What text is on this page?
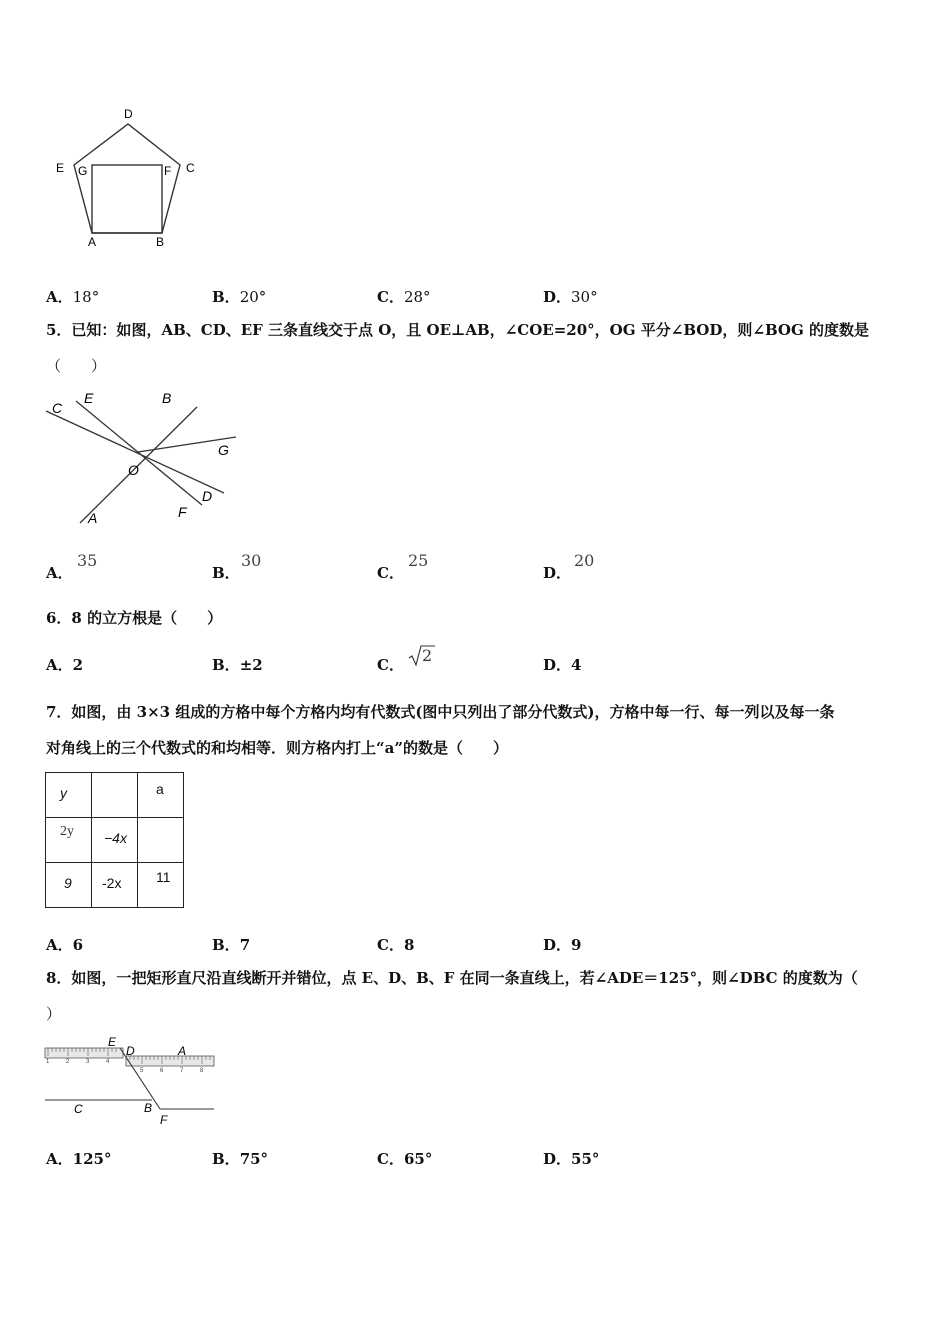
D
E G	F C
A	B
A．18°	B．20°	C．28°	D．30°
5．已知：如图，AB、CD、EF 三条直线交于点 O，且 OE⊥AB，∠COE=20°，OG 平分∠BOD，则∠BOG 的度数是
（　　）
C
E	B
G
O
D
F
A
A．
35
B．
30
C．
25
D．
20
6．8 的立方根是（　　）
A．2	B．±2	C． 2	D．4
7．如图，由 3×3 组成的方格中每个方格内均有代数式(图中只列出了部分代数式)，方格中每一行、每一列以及每一条
对角线上的三个代数式的和均相等．则方格内打上“a”的数是（　　）
y		a

2y	−4x	

9	-2x	11
A．6	B．7	C．8	D．9
8．如图，一把矩形直尺沿直线断开并错位，点 E、D、B、F 在同一条直线上，若∠ADE＝125°，则∠DBC 的度数为（
）
1	2	3	4
5	6	7	8
E
D	A
C	B
F
A．125°	B．75°	C．65°	D．55°
